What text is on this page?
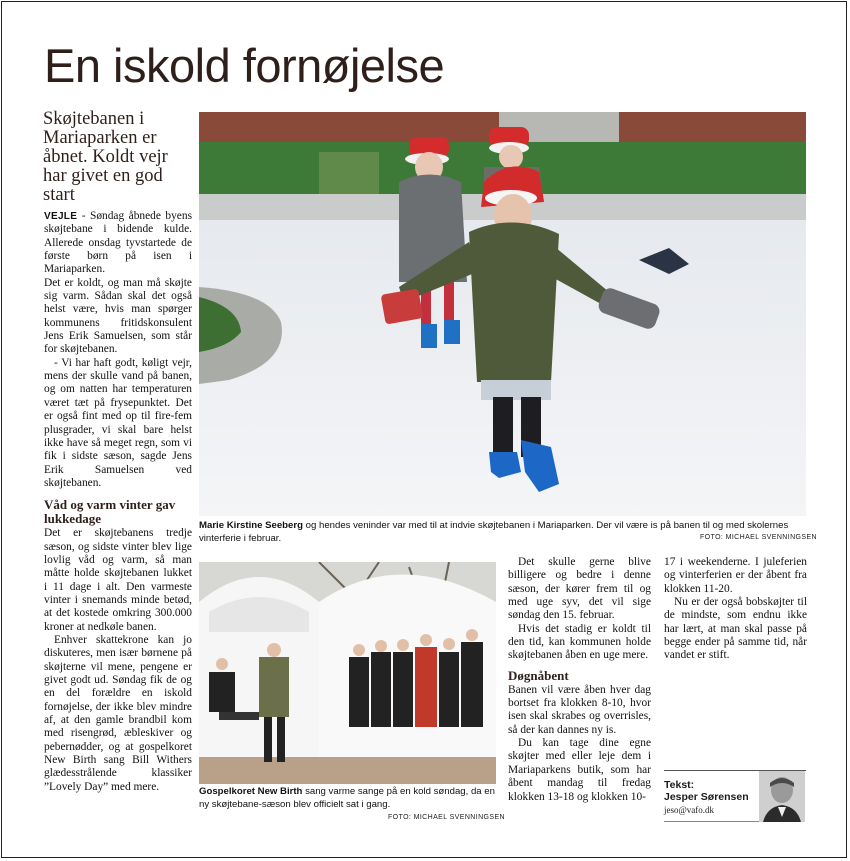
En iskold fornøjelse
Skøjtebanen i Mariaparken er åbnet. Koldt vejr har givet en god start

VEJLE - Søndag åbnede byens skøjtebane i bidende kulde. Allerede onsdag tyvstartede de første børn på isen i Mariaparken.

Det er koldt, og man må skøjte sig varm. Sådan skal det også helst være, hvis man spørger kommunens fritidskonsulent Jens Erik Samuelsen, som står for skøjtebanen.

- Vi har haft godt, køligt vejr, mens der skulle vand på banen, og om natten har temperaturen været tæt på frysepunktet. Det er også fint med op til fire-fem plusgrader, vi skal bare helst ikke have så meget regn, som vi fik i sidste sæson, sagde Jens Erik Samuelsen ved skøjtebanen.

Våd og varm vinter gav lukkedage

Det er skøjtebanens tredje sæson, og sidste vinter blev lige lovlig våd og varm, så man måtte holde skøjtebanen lukket i 11 dage i alt. Den varmeste vinter i snemands minde betød, at det kostede omkring 300.000 kroner at nedkøle banen.

Enhver skattekrone kan jo diskuteres, men især børnene på skøjterne vil mene, pengene er givet godt ud. Søndag fik de og en del forældre en iskold fornøjelse, der ikke blev mindre af, at den gamle brandbil kom med risengrød, æbleskiver og pebernødder, og at gospelkoret New Birth sang Bill Withers glædesstrålende klassiker ”Lovely Day” med mere.

Marie Kirstine Seeberg og hendes veninder var med til at indvie skøjtebanen i Mariaparken. Der vil være is på banen til og med skolernes vinterferie i februar.	FOTO: MICHAEL SVENNINGSEN
Gospelkoret New Birth sang varme sange på en kold søndag, da en ny skøjtebane-sæson blev officielt sat i gang.
FOTO: MICHAEL SVENNINGSEN

Det skulle gerne blive billigere og bedre i denne sæson, der kører frem til og med uge syv, det vil sige søndag den 15. februar.

Hvis det stadig er koldt til den tid, kan kommunen holde skøjtebanen åben en uge mere.

Døgnåbent

Banen vil være åben hver dag bortset fra klokken 8-10, hvor isen skal skrabes og overrisles, så der kan dannes ny is.

Du kan tage dine egne skøjter med eller leje dem i Mariaparkens butik, som har åbent mandag til fredag klokken 13-18 og klokken 10-

17 i weekenderne. I juleferien og vinterferien er der åbent fra klokken 11-20.

Nu er der også bobskøjter til de mindste, som endnu ikke har lært, at man skal passe på begge ender på samme tid, når vandet er stift.

Tekst:
Jesper Sørensen
jeso@vafo.dk
